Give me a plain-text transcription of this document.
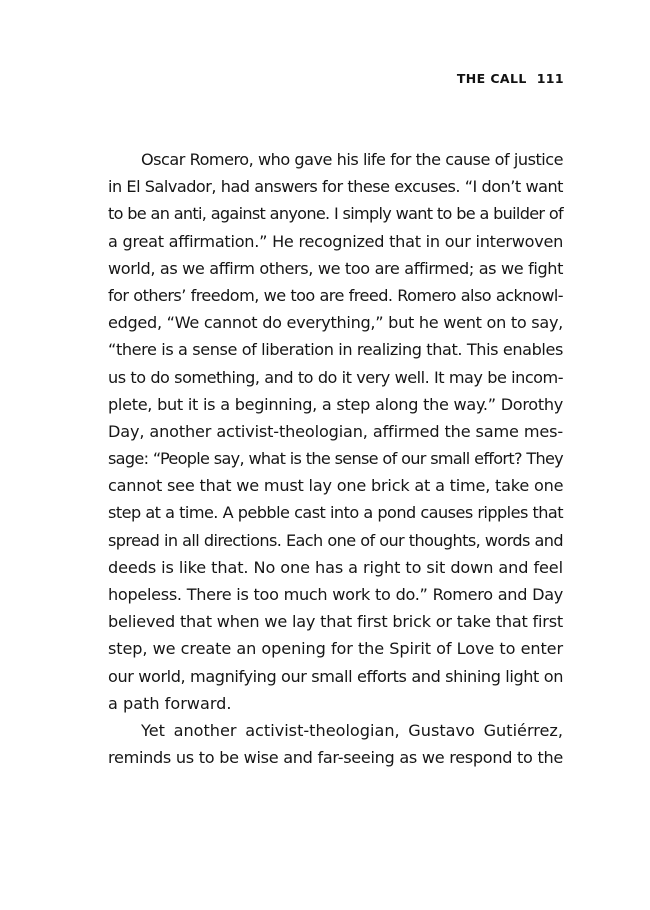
THE CALL 111
Oscar Romero, who gave his life for the cause of justice
in El Salvador, had answers for these excuses. “I don’t want
to be an anti, against anyone. I simply want to be a builder of
a great affirmation.” He recognized that in our interwoven
world, as we affirm others, we too are affirmed; as we fight
for others’ freedom, we too are freed. Romero also acknowl-
edged, “We cannot do everything,” but he went on to say,
“there is a sense of liberation in realizing that. This enables
us to do something, and to do it very well. It may be incom-
plete, but it is a beginning, a step along the way.” Dorothy
Day, another activist-theologian, affirmed the same mes-
sage: “People say, what is the sense of our small effort? They
cannot see that we must lay one brick at a time, take one
step at a time. A pebble cast into a pond causes ripples that
spread in all directions. Each one of our thoughts, words and
deeds is like that. No one has a right to sit down and feel
hopeless. There is too much work to do.” Romero and Day
believed that when we lay that first brick or take that first
step, we create an opening for the Spirit of Love to enter
our world, magnifying our small efforts and shining light on
a path forward.
Yet another activist-theologian, Gustavo Gutiérrez,
reminds us to be wise and far-seeing as we respond to the
